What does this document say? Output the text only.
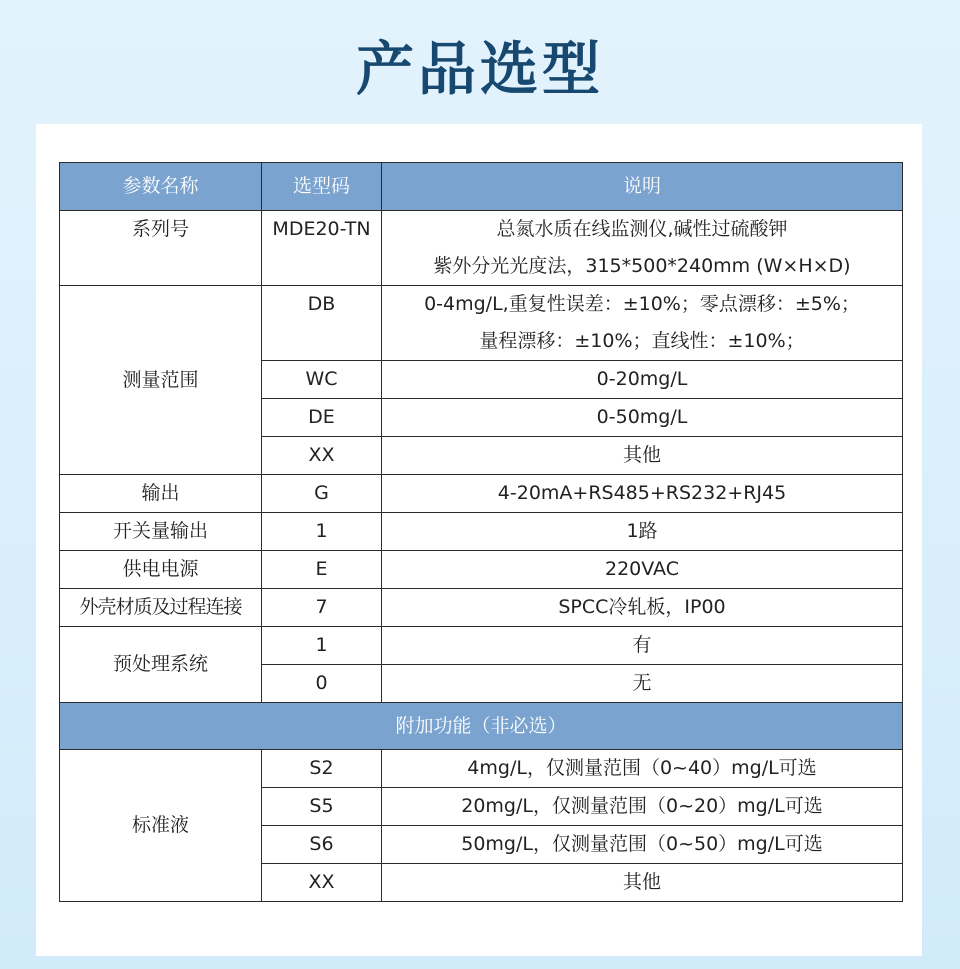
产品选型
参数名称	选型码	说明
系列号	MDE20-TN	总氮水质在线监测仪,碱性过硫酸钾
紫外分光光度法，315*500*240mm (W×H×D)

测量范围	DB	0-4mg/L,重复性误差：±10%；零点漂移：±5%；
量程漂移：±10%；直线性：±10%；

	WC	0-20mg/L
	DE	0-50mg/L
	XX	其他
输出	G	4-20mA+RS485+RS232+RJ45
开关量输出	1	1路
供电电源	E	220VAC
外壳材质及过程连接	7	SPCC冷轧板，IP00
预处理系统	1	有
	0	无
附加功能（非必选）		
标准液	S2	4mg/L，仅测量范围（0~40）mg/L可选
	S5	20mg/L，仅测量范围（0~20）mg/L可选
	S6	50mg/L，仅测量范围（0~50）mg/L可选
	XX	其他
